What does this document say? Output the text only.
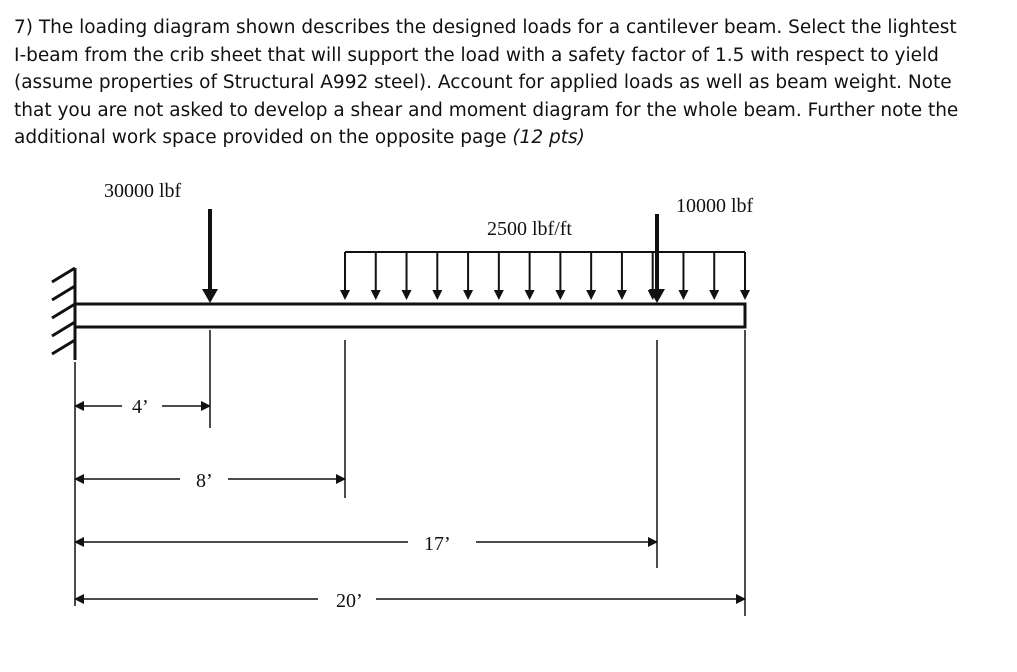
7) The loading diagram shown describes the designed loads for a cantilever beam. Select the lightest
I-beam from the crib sheet that will support the load with a safety factor of 1.5 with respect to yield
(assume properties of Structural A992 steel). Account for applied loads as well as beam weight. Note
that you are not asked to develop a shear and moment diagram for the whole beam. Further note the
additional work space provided on the opposite page (12 pts)
30000 lbf
10000 lbf
2500 lbf/ft
4’
8’
17’
20’
